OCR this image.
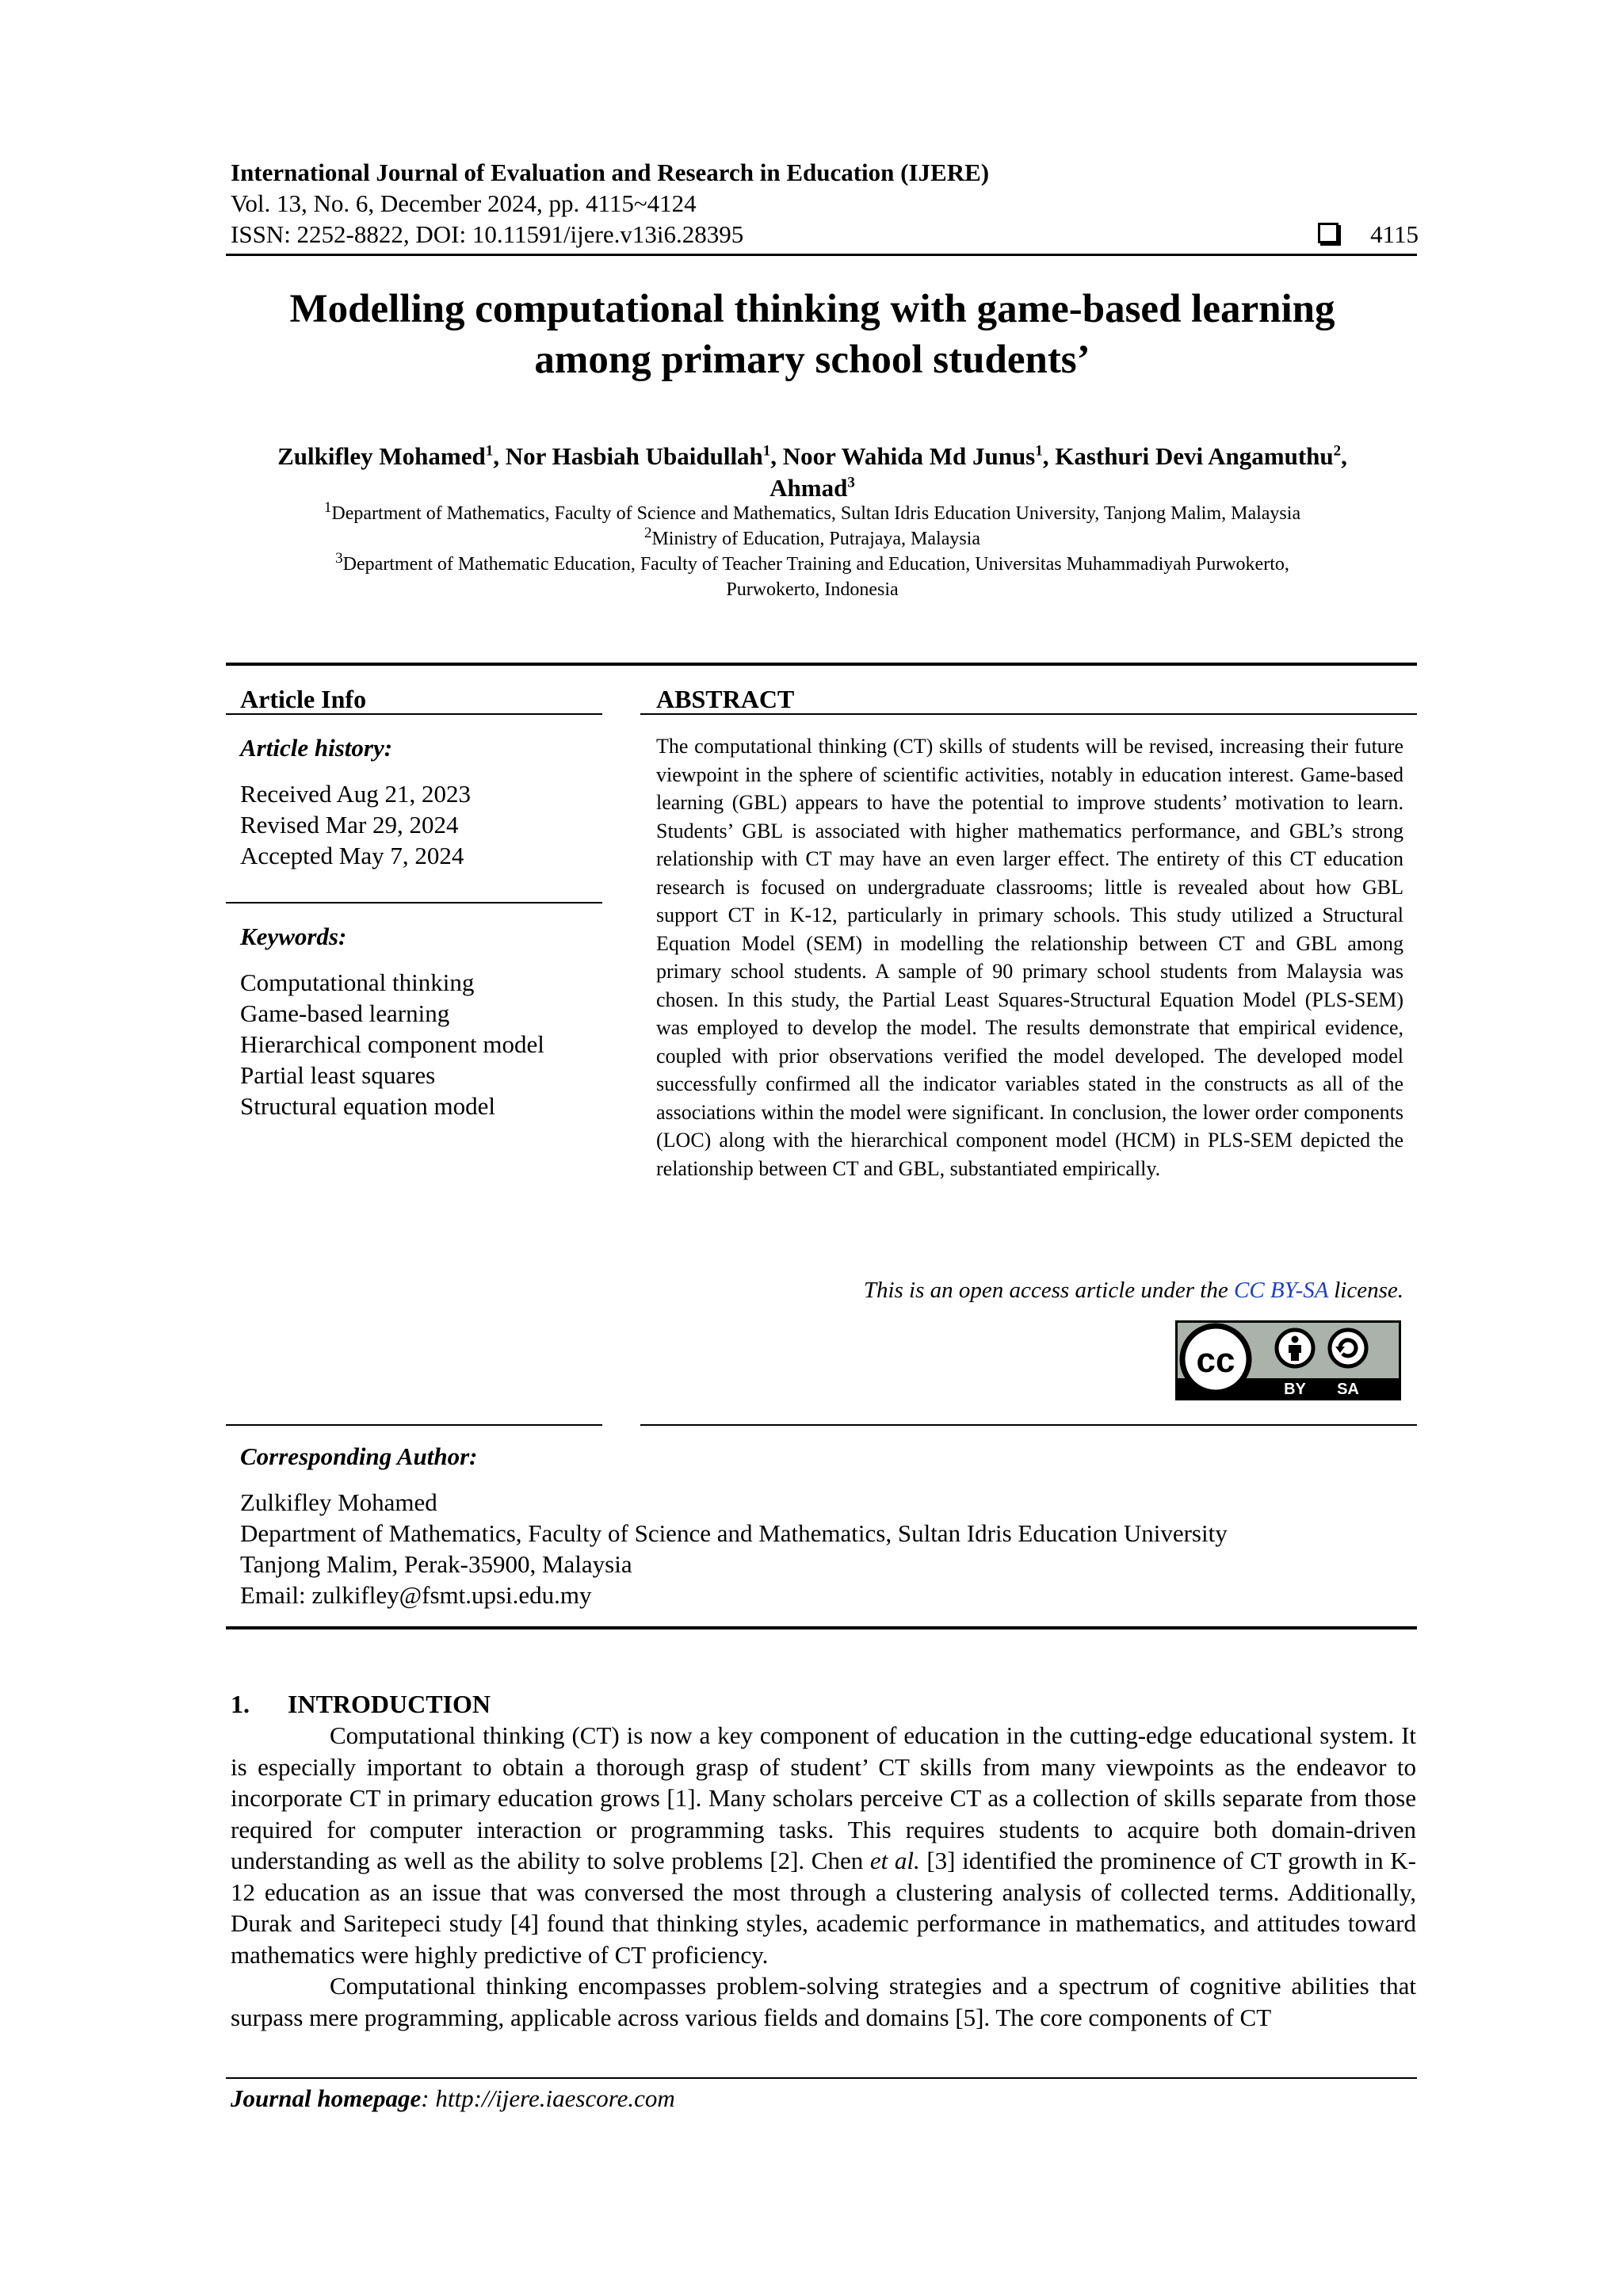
International Journal of Evaluation and Research in Education (IJERE)
Vol. 13, No. 6, December 2024, pp. 4115~4124
ISSN: 2252-8822, DOI: 10.11591/ijere.v13i6.28395	4115
Modelling computational thinking with game-based learning
among primary school students’
Zulkifley Mohamed$^1$, Nor Hasbiah Ubaidullah$^1$, Noor Wahida Md Junus$^1$, Kasthuri Devi Angamuthu$^2$,
Ahmad$^3$
$^1$Department of Mathematics, Faculty of Science and Mathematics, Sultan Idris Education University, Tanjong Malim, Malaysia
$^2$Ministry of Education, Putrajaya, Malaysia
$^3$Department of Mathematic Education, Faculty of Teacher Training and Education, Universitas Muhammadiyah Purwokerto,
Purwokerto, Indonesia
Article Info	ABSTRACT
Article history:
Received Aug 21, 2023
Revised Mar 29, 2024
Accepted May 7, 2024
Keywords:
Computational thinking
Game-based learning
Hierarchical component model
Partial least squares
Structural equation model
The computational thinking (CT) skills of students will be revised, increasing their future viewpoint in the sphere of scientific activities, notably in education interest. Game-based learning (GBL) appears to have the potential to improve students’ motivation to learn. Students’ GBL is associated with higher mathematics performance, and GBL’s strong relationship with CT may have an even larger effect. The entirety of this CT education research is focused on undergraduate classrooms; little is revealed about how GBL support CT in K-12, particularly in primary schools. This study utilized a Structural Equation Model (SEM) in modelling the relationship between CT and GBL among primary school students. A sample of 90 primary school students from Malaysia was chosen. In this study, the Partial Least Squares-Structural Equation Model (PLS-SEM) was employed to develop the model. The results demonstrate that empirical evidence, coupled with prior observations verified the model developed. The developed model successfully confirmed all the indicator variables stated in the constructs as all of the associations within the model were significant. In conclusion, the lower order components (LOC) along with the hierarchical component model (HCM) in PLS-SEM depicted the relationship between CT and GBL, substantiated empirically.
This is an open access article under the CC BY-SA license.
cc
BY SA
Corresponding Author:
Zulkifley Mohamed
Department of Mathematics, Faculty of Science and Mathematics, Sultan Idris Education University
Tanjong Malim, Perak-35900, Malaysia
Email: zulkifley@fsmt.upsi.edu.my
1. INTRODUCTION

Computational thinking (CT) is now a key component of education in the cutting-edge educational system. It is especially important to obtain a thorough grasp of student’ CT skills from many viewpoints as the endeavor to incorporate CT in primary education grows [1]. Many scholars perceive CT as a collection of skills separate from those required for computer interaction or programming tasks. This requires students to acquire both domain-driven understanding as well as the ability to solve problems [2]. Chen et al. [3] identified the prominence of CT growth in K-12 education as an issue that was conversed the most through a clustering analysis of collected terms. Additionally, Durak and Saritepeci study [4] found that thinking styles, academic performance in mathematics, and attitudes toward mathematics were highly predictive of CT proficiency.

Computational thinking encompasses problem-solving strategies and a spectrum of cognitive abilities that surpass mere programming, applicable across various fields and domains [5]. The core components of CT

Journal homepage: http://ijere.iaescore.com
